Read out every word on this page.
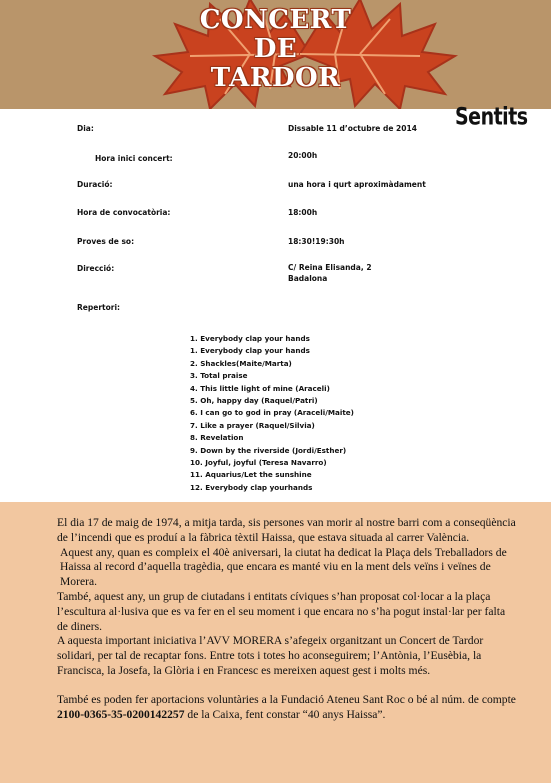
CONCERT
DE
TARDOR
Sentits
Dia:	Dissable 11 d’octubre de 2014
Hora inici concert:	20:00h
Duració:	una hora i qurt aproximàdament
Hora de convocatòria:	18:00h
Proves de so:	18:30!19:30h
Direcció:	C/ Reina Elisanda, 2
Badalona
Repertori:
1. Everybody clap your hands
1. Everybody clap your hands
2. Shackles(Maite/Marta)
3. Total praise
4. This little light of mine (Araceli)
5. Oh, happy day (Raquel/Patri)
6. I can go to god in pray (Araceli/Maite)
7. Like a prayer (Raquel/Silvia)
8. Revelation
9. Down by the riverside (Jordi/Esther)
10. Joyful, joyful (Teresa Navarro)
11. Aquarius/Let the sunshine
12. Everybody clap yourhands

El dia 17 de maig de 1974, a mitja tarda, sis persones van morir al nostre barri com a conseqüència de l’incendi que es produí a la fàbrica tèxtil Haissa, que estava situada al carrer València.

Aquest any, quan es compleix el 40è aniversari, la ciutat ha dedicat la Plaça dels Treballadors de Haissa al record d’aquella tragèdia, que encara es manté viu en la ment dels veïns i veïnes de Morera.

També, aquest any, un grup de ciutadans i entitats cíviques s’han proposat col·locar a la plaça l’escultura al·lusiva que es va fer en el seu moment i que encara no s’ha pogut instal·lar per falta de diners.

A aquesta important iniciativa l’AVV MORERA s’afegeix organitzant un Concert de Tardor solidari, per tal de recaptar fons. Entre tots i totes ho aconseguirem; l’Antònia, l’Eusèbia, la Francisca, la Josefa, la Glòria i en Francesc es mereixen aquest gest i molts més.

També es poden fer aportacions voluntàries a la Fundació Ateneu Sant Roc o bé al núm. de compte 2100-0365-35-0200142257 de la Caixa, fent constar “40 anys Haissa”.
